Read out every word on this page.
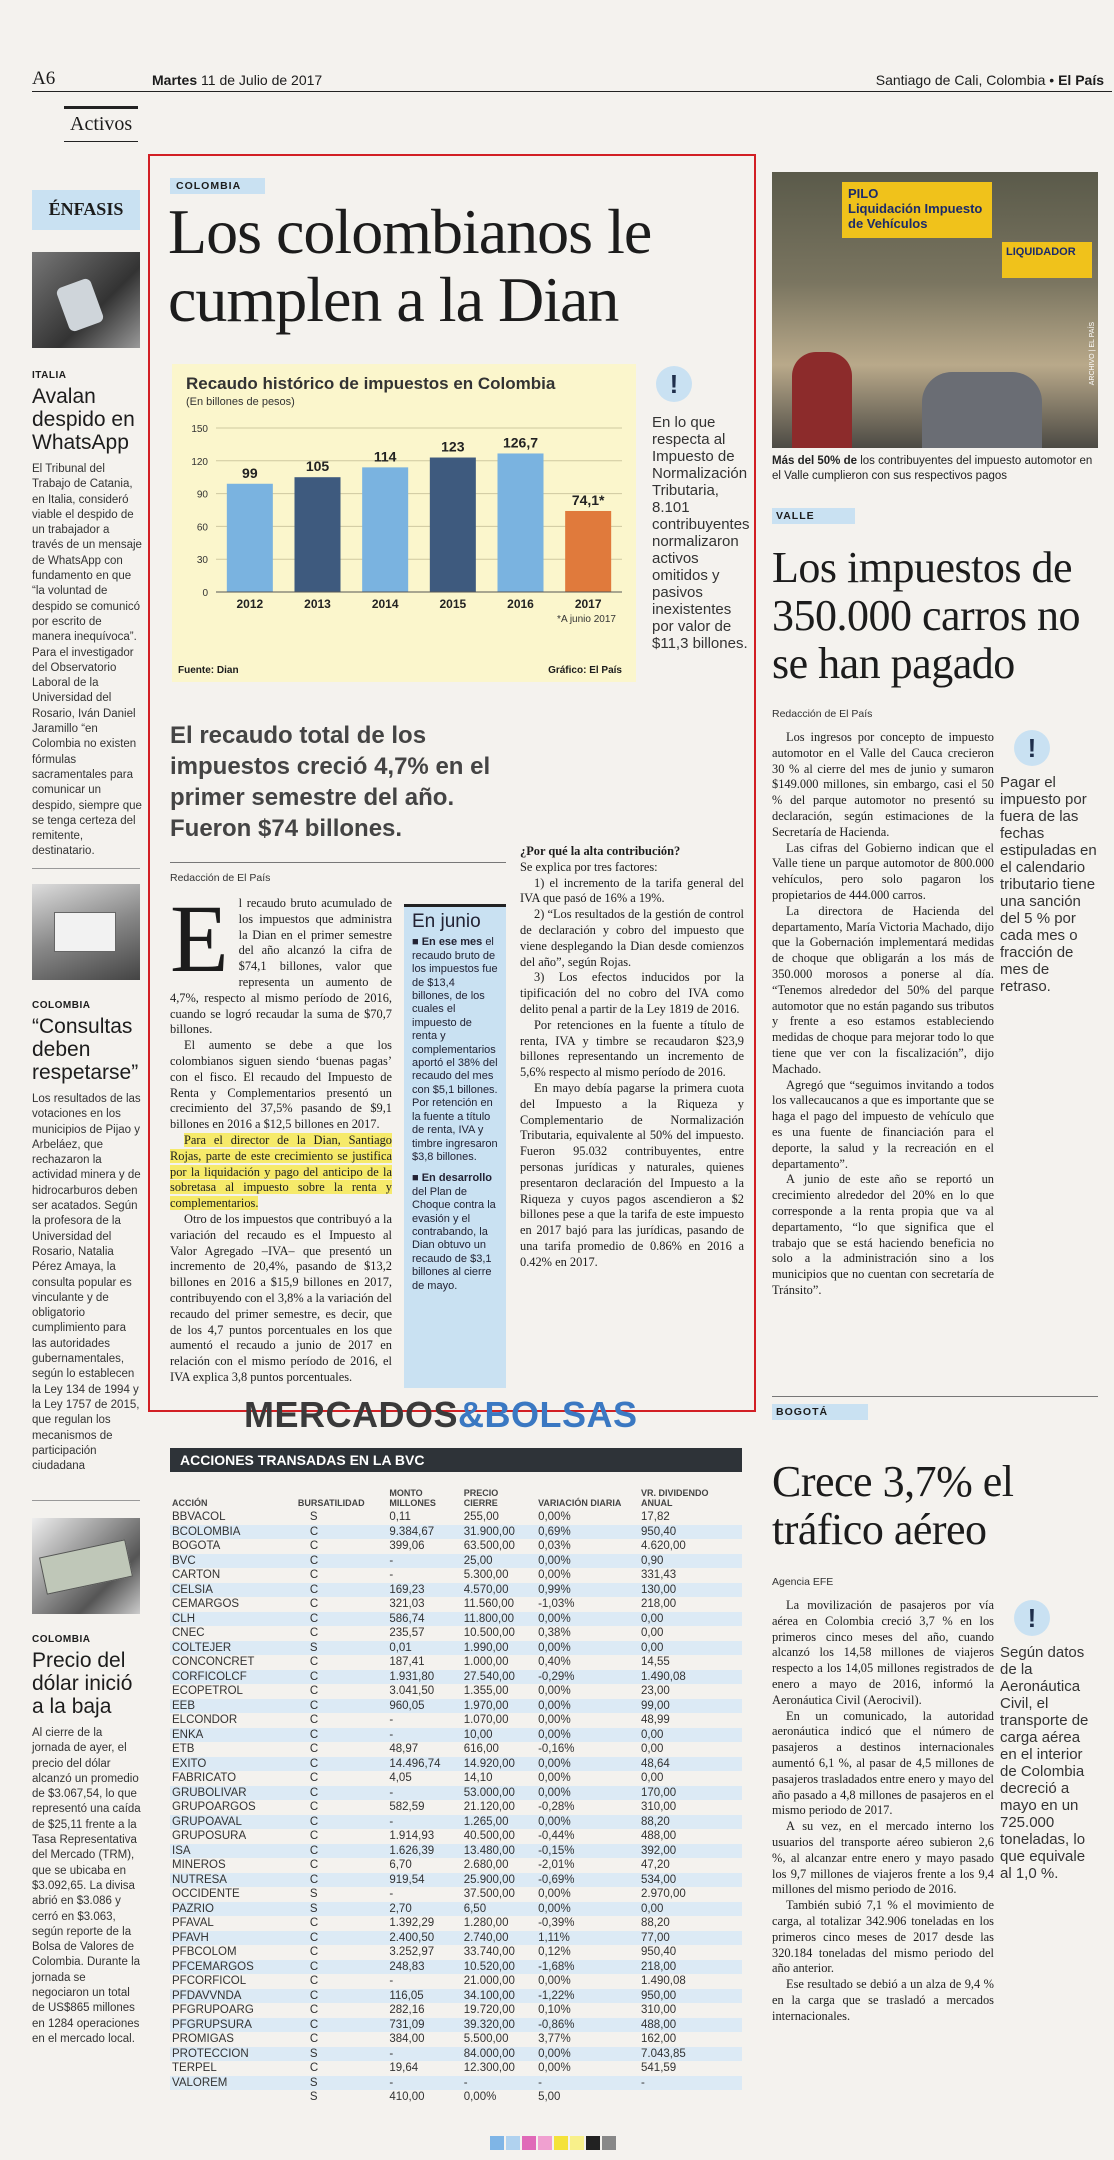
A6	Martes 11 de Julio de 2017	Santiago de Cali, Colombia • El País
Activos
ÉNFASIS
ITALIA
Avalan despido en WhatsApp
El Tribunal del Trabajo de Catania, en Italia, consideró viable el despido de un trabajador a través de un mensaje de WhatsApp con fundamento en que “la voluntad de despido se comunicó por escrito de manera inequívoca”. Para el investigador del Observatorio Laboral de la Universidad del Rosario, Iván Daniel Jaramillo “en Colombia no existen fórmulas sacramentales para comunicar un despido, siempre que se tenga certeza del remitente, destinatario.
COLOMBIA
“Consultas deben respetarse”
Los resultados de las votaciones en los municipios de Pijao y Arbeláez, que rechazaron la actividad minera y de hidrocarburos deben ser acatados. Según la profesora de la Universidad del Rosario, Natalia Pérez Amaya, la consulta popular es vinculante y de obligatorio cumplimiento para las autoridades gubernamentales, según lo establecen la Ley 134 de 1994 y la Ley 1757 de 2015, que regulan los mecanismos de participación ciudadana
COLOMBIA
Precio del dólar inició a la baja
Al cierre de la jornada de ayer, el precio del dólar alcanzó un promedio de $3.067,54, lo que representó una caída de $25,11 frente a la Tasa Representativa del Mercado (TRM), que se ubicaba en $3.092,65. La divisa abrió en $3.086 y cerró en $3.063, según reporte de la Bolsa de Valores de Colombia. Durante la jornada se negociaron un total de US$865 millones en 1284 operaciones en el mercado local.
COLOMBIA
Los colombianos le cumplen a la Dian
Recaudo histórico de impuestos en Colombia
(En billones de pesos)
0
30
60
90
120
150
99
2012
105
2013
114
2014
123
2015
126,7
2016
74,1*
2017
*A junio 2017
Fuente: Dian	Gráfico: El País
!
En lo que respecta al Impuesto de Normalización Tributaria, 8.101 contribuyentes normalizaron activos omitidos y pasivos inexistentes por valor de $11,3 billones.
El recaudo total de los impuestos creció 4,7% en el primer semestre del año. Fueron $74 billones.
Redacción de El País

El recaudo bruto acumulado de los impuestos que administra la Dian en el primer semestre del año alcanzó la cifra de $74,1 billones, valor que representa un aumento de 4,7%, respecto al mismo período de 2016, cuando se logró recaudar la suma de $70,7 billones.

El aumento se debe a que los colombianos siguen siendo ‘buenas pagas’ con el fisco. El recaudo del Impuesto de Renta y Complementarios presentó un crecimiento del 37,5% pasando de $9,1 billones en 2016 a $12,5 billones en 2017.

Para el director de la Dian, Santiago Rojas, parte de este crecimiento se justifica por la liquidación y pago del anticipo de la sobretasa al impuesto sobre la renta y complementarios.

Otro de los impuestos que contribuyó a la variación del recaudo es el Impuesto al Valor Agregado –IVA– que presentó un incremento de 20,4%, pasando de $13,2 billones en 2016 a $15,9 billones en 2017, contribuyendo con el 3,8% a la variación del recaudo del primer semestre, es decir, que de los 4,7 puntos porcentuales en los que aumentó el recaudo a junio de 2017 en relación con el mismo período de 2016, el IVA explica 3,8 puntos porcentuales.

En junio

■ En ese mes el recaudo bruto de los impuestos fue de $13,4 billones, de los cuales el impuesto de renta y complementarios aportó el 38% del recaudo del mes con $5,1 billones. Por retención en la fuente a título de renta, IVA y timbre ingresaron $3,8 billones.

■ En desarrollo del Plan de Choque contra la evasión y el contrabando, la Dian obtuvo un recaudo de $3,1 billones al cierre de mayo.

¿Por qué la alta contribución?

Se explica por tres factores:

1) el incremento de la tarifa general del IVA que pasó de 16% a 19%.

2) “Los resultados de la gestión de control de declaración y cobro del impuesto que viene desplegando la Dian desde comienzos del año”, según Rojas.

3) Los efectos inducidos por la tipificación del no cobro del IVA como delito penal a partir de la Ley 1819 de 2016.

Por retenciones en la fuente a título de renta, IVA y timbre se recaudaron $23,9 billones representando un incremento de 5,6% respecto al mismo período de 2016.

En mayo debía pagarse la primera cuota del Impuesto a la Riqueza y Complementario de Normalización Tributaria, equivalente al 50% del impuesto. Fueron 95.032 contribuyentes, entre personas jurídicas y naturales, quienes presentaron declaración del Impuesto a la Riqueza y cuyos pagos ascendieron a $2 billones pese a que la tarifa de este impuesto en 2017 bajó para las jurídicas, pasando de una tarifa promedio de 0.86% en 2016 a 0.42% en 2017.

PILO
Liquidación Impuesto de Vehículos
LIQUIDADOR
ARCHIVO | EL PAÍS
Más del 50% de los contribuyentes del impuesto automotor en el Valle cumplieron con sus respectivos pagos
VALLE
Los impuestos de 350.000 carros no se han pagado
Redacción de El País

Los ingresos por concepto de impuesto automotor en el Valle del Cauca crecieron 30 % al cierre del mes de junio y sumaron $149.000 millones, sin embargo, casi el 50 % del parque automotor no presentó su declaración, según estimaciones de la Secretaría de Hacienda.

Las cifras del Gobierno indican que el Valle tiene un parque automotor de 800.000 vehículos, pero solo pagaron los propietarios de 444.000 carros.

La directora de Hacienda del departamento, María Victoria Machado, dijo que la Gobernación implementará medidas de choque que obligarán a los más de 350.000 morosos a ponerse al día. “Tenemos alrededor del 50% del parque automotor que no están pagando sus tributos y frente a eso estamos estableciendo medidas de choque para mejorar todo lo que tiene que ver con la fiscalización”, dijo Machado.

Agregó que “seguimos invitando a todos los vallecaucanos a que es importante que se haga el pago del impuesto de vehículo que es una fuente de financiación para el deporte, la salud y la recreación en el departamento”.

A junio de este año se reportó un crecimiento alrededor del 20% en lo que corresponde a la renta propia que va al departamento, “lo que significa que el trabajo que se está haciendo beneficia no solo a la administración sino a los municipios que no cuentan con secretaría de Tránsito”.

!
Pagar el impuesto por fuera de las fechas estipuladas en el calendario tributario tiene una sanción del 5 % por cada mes o fracción de mes de retraso.
BOGOTÁ
Crece 3,7% el tráfico aéreo
Agencia EFE

La movilización de pasajeros por vía aérea en Colombia creció 3,7 % en los primeros cinco meses del año, cuando alcanzó los 14,58 millones de viajeros respecto a los 14,05 millones registrados de enero a mayo de 2016, informó la Aeronáutica Civil (Aerocivil).

En un comunicado, la autoridad aeronáutica indicó que el número de pasajeros a destinos internacionales aumentó 6,1 %, al pasar de 4,5 millones de pasajeros trasladados entre enero y mayo del año pasado a 4,8 millones de pasajeros en el mismo periodo de 2017.

A su vez, en el mercado interno los usuarios del transporte aéreo subieron 2,6 %, al alcanzar entre enero y mayo pasado los 9,7 millones de viajeros frente a los 9,4 millones del mismo periodo de 2016.

También subió 7,1 % el movimiento de carga, al totalizar 342.906 toneladas en los primeros cinco meses de 2017 desde las 320.184 toneladas del mismo periodo del año anterior.

Ese resultado se debió a un alza de 9,4 % en la carga que se trasladó a mercados internacionales.

!
Según datos de la Aeronáutica Civil, el transporte de carga aérea en el interior de Colombia decreció a mayo en un 725.000 toneladas, lo que equivale al 1,0 %.
MERCADOS&BOLSAS
ACCIONES TRANSADAS EN LA BVC
ACCIÓN	BURSATILIDAD	MONTO MILLONES	PRECIO CIERRE	VARIACIÓN DIARIA	VR. DIVIDENDO ANUAL
BBVACOL	S	0,11	255,00	0,00%	17,82
BCOLOMBIA	C	9.384,67	31.900,00	0,69%	950,40
BOGOTA	C	399,06	63.500,00	0,03%	4.620,00
BVC	C	-	25,00	0,00%	0,90
CARTON	C	-	5.300,00	0,00%	331,43
CELSIA	C	169,23	4.570,00	0,99%	130,00
CEMARGOS	C	321,03	11.560,00	-1,03%	218,00
CLH	C	586,74	11.800,00	0,00%	0,00
CNEC	C	235,57	10.500,00	0,38%	0,00
COLTEJER	S	0,01	1.990,00	0,00%	0,00
CONCONCRET	C	187,41	1.000,00	0,40%	14,55
CORFICOLCF	C	1.931,80	27.540,00	-0,29%	1.490,08
ECOPETROL	C	3.041,50	1.355,00	0,00%	23,00
EEB	C	960,05	1.970,00	0,00%	99,00
ELCONDOR	C	-	1.070,00	0,00%	48,99
ENKA	C	-	10,00	0,00%	0,00
ETB	C	48,97	616,00	-0,16%	0,00
EXITO	C	14.496,74	14.920,00	0,00%	48,64
FABRICATO	C	4,05	14,10	0,00%	0,00
GRUBOLIVAR	C	-	53.000,00	0,00%	170,00
GRUPOARGOS	C	582,59	21.120,00	-0,28%	310,00
GRUPOAVAL	C	-	1.265,00	0,00%	88,20
GRUPOSURA	C	1.914,93	40.500,00	-0,44%	488,00
ISA	C	1.626,39	13.480,00	-0,15%	392,00
MINEROS	C	6,70	2.680,00	-2,01%	47,20
NUTRESA	C	919,54	25.900,00	-0,69%	534,00
OCCIDENTE	S	-	37.500,00	0,00%	2.970,00
PAZRIO	S	2,70	6,50	0,00%	0,00
PFAVAL	C	1.392,29	1.280,00	-0,39%	88,20
PFAVH	C	2.400,50	2.740,00	1,11%	77,00
PFBCOLOM	C	3.252,97	33.740,00	0,12%	950,40
PFCEMARGOS	C	248,83	10.520,00	-1,68%	218,00
PFCORFICOL	C	-	21.000,00	0,00%	1.490,08
PFDAVVNDA	C	116,05	34.100,00	-1,22%	950,00
PFGRUPOARG	C	282,16	19.720,00	0,10%	310,00
PFGRUPSURA	C	731,09	39.320,00	-0,86%	488,00
PROMIGAS	C	384,00	5.500,00	3,77%	162,00
PROTECCION	S	-	84.000,00	0,00%	7.043,85
TERPEL	C	19,64	12.300,00	0,00%	541,59
VALOREM	S	-	-	-	-
	S	410,00	0,00%	5,00	
